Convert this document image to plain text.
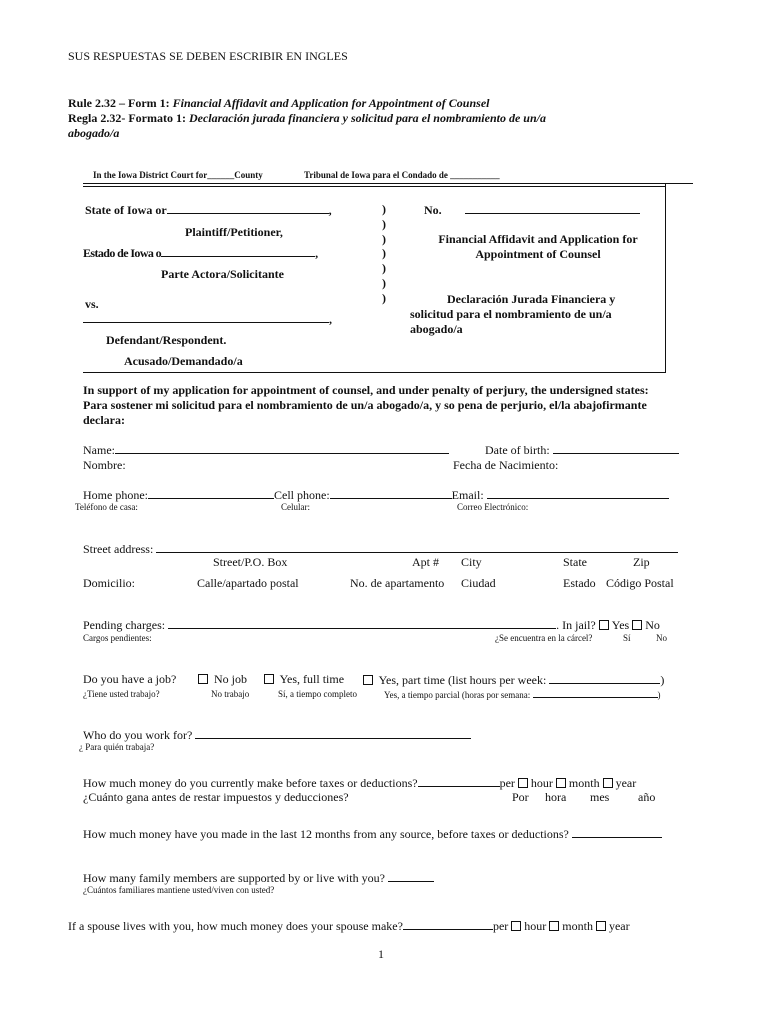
SUS RESPUESTAS SE DEBEN ESCRIBIR EN INGLES
Rule 2.32 – Form 1: Financial Affidavit and Application for Appointment of Counsel
Regla 2.32- Formato 1: Declaración jurada financiera y solicitud para el nombramiento de un/a
abogado/a
In the Iowa District Court for______County	Tribunal de Iowa para el Condado de ___________
State of Iowa or	,
Plaintiff/Petitioner,
Estado de Iowa o	,
Parte Actora/Solicitante
vs.
,
Defendant/Respondent.
Acusado/Demandado/a
)
)
)
)
)
)
)
No.
Financial Affidavit and Application for
Appointment of Counsel
Declaración Jurada Financiera y
solicitud para el nombramiento de un/a
abogado/a
In support of my application for appointment of counsel, and under penalty of perjury, the undersigned states:
Para sostener mi solicitud para el nombramiento de un/a abogado/a, y so pena de perjurio, el/la abajofirmante
declara:
Name:	Date of birth:
Nombre:	Fecha de Nacimiento:
Home phone:	Cell phone:	Email:
Teléfono de casa:	Celular:	Correo Electrónico:
Street address:
Street/P.O. Box	Apt # City	State	Zip
Domicilio:	Calle/apartado postal	No. de apartamento Ciudad	Estado Código Postal
Pending charges:	. In jail? Yes No
Cargos pendientes:	¿Se encuentra en la cárcel?	Sí	No
Do you have a job?	No job	Yes, full time	Yes, part time (list hours per week:	)
¿Tiene usted trabajo?	No trabajo	Sí, a tiempo completo	Yes, a tiempo parcial (horas por semana:	)
Who do you work for?
¿ Para quién trabaja?
How much money do you currently make before taxes or deductions?	per hour month year
¿Cuánto gana antes de restar impuestos y deducciones?	Por hora mes año
How much money have you made in the last 12 months from any source, before taxes or deductions?
How many family members are supported by or live with you?
¿Cuántos familiares mantiene usted/viven con usted?
If a spouse lives with you, how much money does your spouse make?	per hour month year
1
